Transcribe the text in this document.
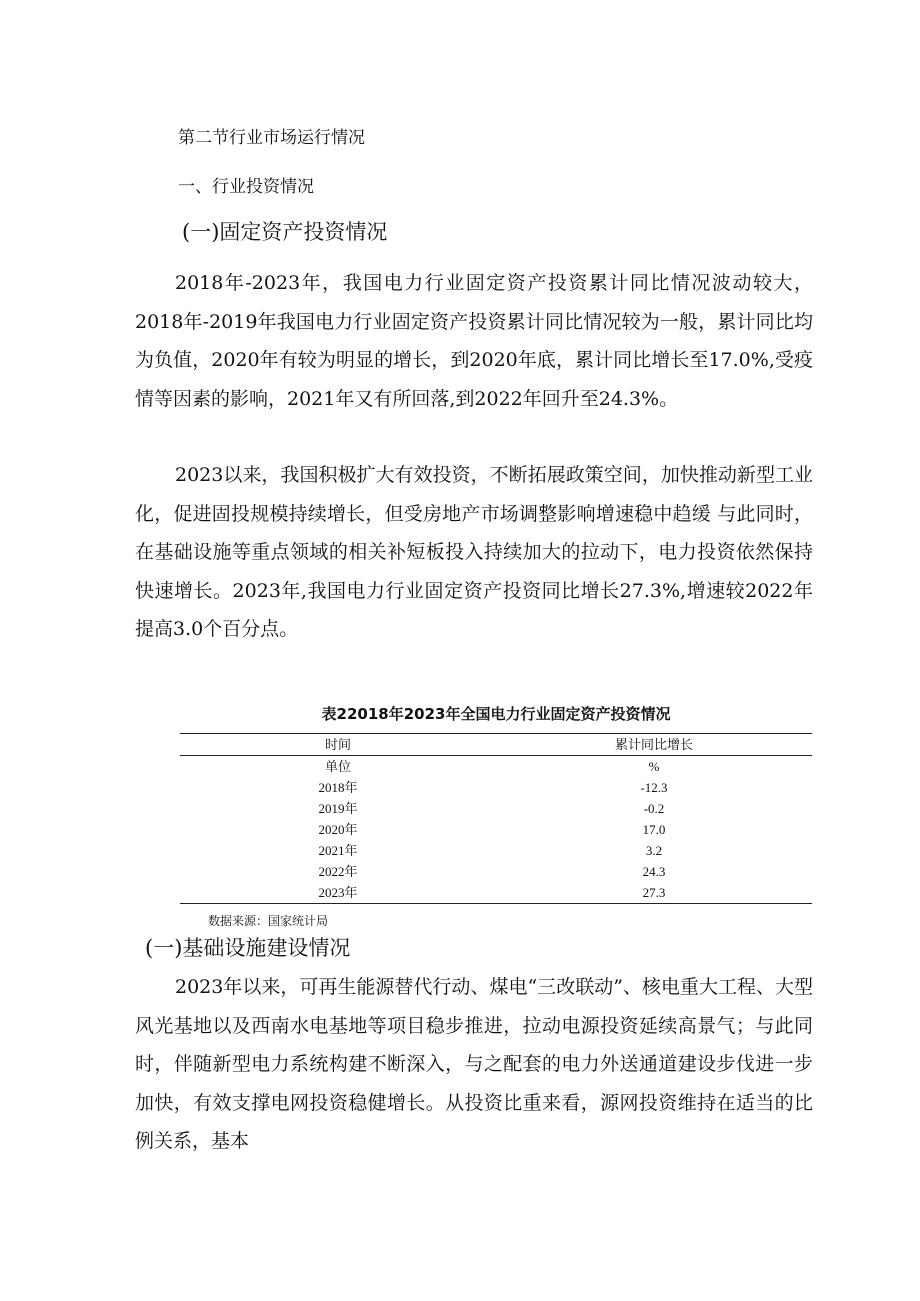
第二节行业市场运行情况
一、行业投资情况
(一)固定资产投资情况

2018年-2023年，我国电力行业固定资产投资累计同比情况波动较大，2018年-2019年我国电力行业固定资产投资累计同比情况较为一般，累计同比均为负值，2020年有较为明显的增长，到2020年底，累计同比增长至17.0%,受疫情等因素的影响，2021年又有所回落,到2022年回升至24.3%。

2023以来，我国积极扩大有效投资，不断拓展政策空间，加快推动新型工业化，促进固投规模持续增长，但受房地产市场调整影响增速稳中趋缓 与此同时，在基础设施等重点领域的相关补短板投入持续加大的拉动下，电力投资依然保持快速增长。2023年,我国电力行业固定资产投资同比增长27.3%,增速较2022年提高3.0个百分点。

表22018年2023年全国电力行业固定资产投资情况
时间	累计同比增长
单位	%
2018年	-12.3
2019年	-0.2
2020年	17.0
2021年	3.2
2022年	24.3
2023年	27.3
数据来源：国家统计局
(一)基础设施建设情况

2023年以来，可再生能源替代行动、煤电“三改联动”、核电重大工程、大型风光基地以及西南水电基地等项目稳步推进，拉动电源投资延续高景气；与此同时，伴随新型电力系统构建不断深入，与之配套的电力外送通道建设步伐进一步加快，有效支撑电网投资稳健增长。从投资比重来看，源网投资维持在适当的比例关系，基本
